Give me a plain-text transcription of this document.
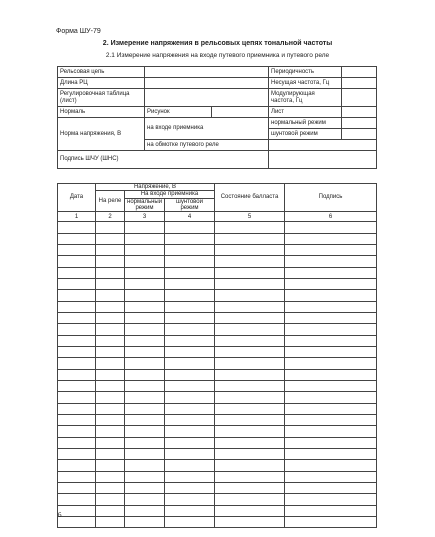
Форма ШУ-79
2. Измерение напряжения в рельсовых цепях тональной частоты
2.1 Измерение напряжения на входе путевого приемника и путевого реле
Рельсовая цепь			Периодичность	
Длина РЦ			Несущая частота, Гц	
Регулировочная таблица (лист)			Модулирующая частота, Гц	
Нормаль	Рисунок		Лист	
Норма напряжения, В	на входе приемника		нормальный режим	
			шунтовой режим	
	на обмотке путевого реле			
Подпись ШЧУ (ШНС)				
Дата	Напряжение, В			Состояние балласта	Подпись
	На реле	На входе приемника			
		нормальный режим	шунтовой режим		
1	2	3	4	5	6

6
